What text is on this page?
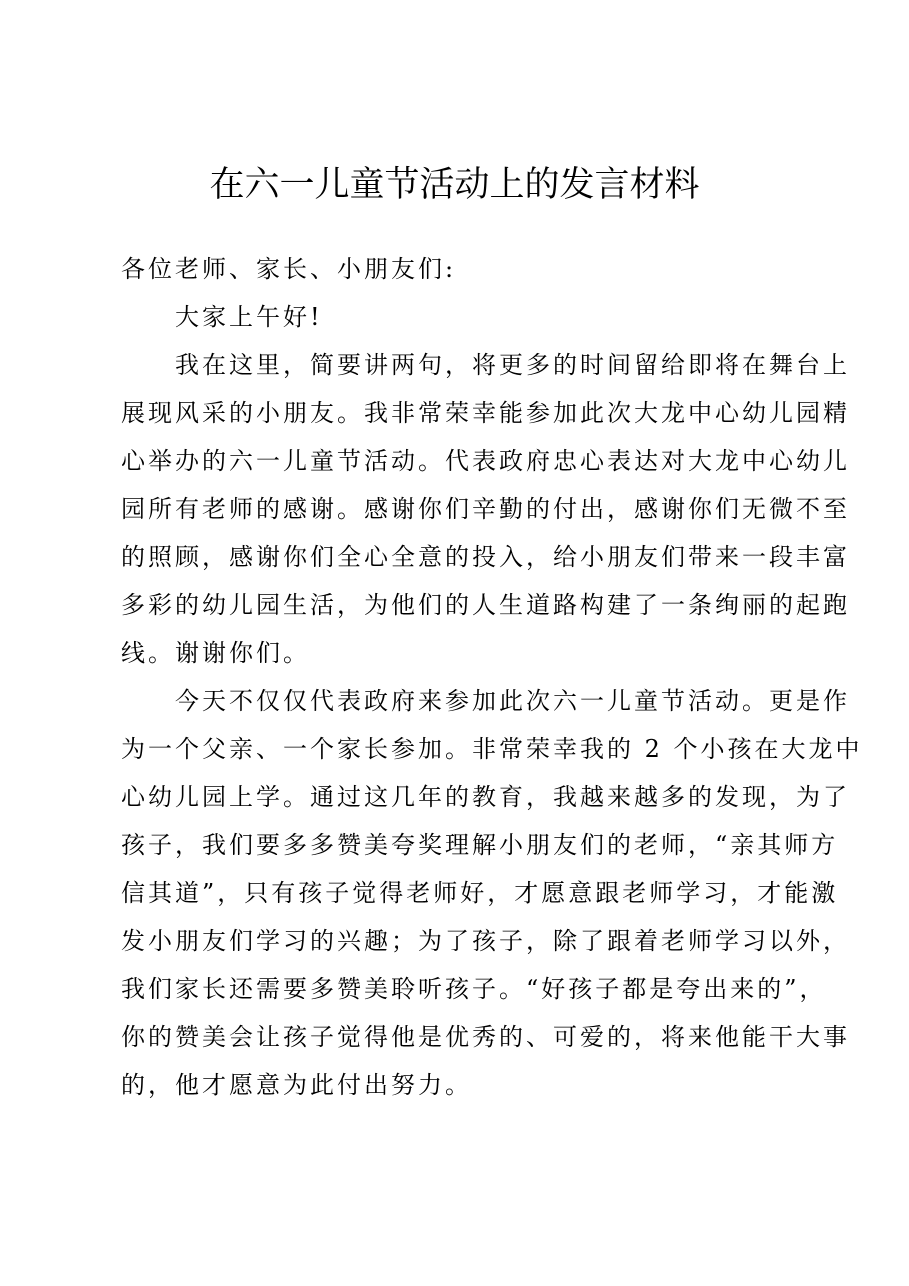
在六一儿童节活动上的发言材料
各位老师、家长、小朋友们:
大家上午好!
我在这里，简要讲两句，将更多的时间留给即将在舞台上
展现风采的小朋友。我非常荣幸能参加此次大龙中心幼儿园精
心举办的六一儿童节活动。代表政府忠心表达对大龙中心幼儿
园所有老师的感谢。感谢你们辛勤的付出，感谢你们无微不至
的照顾，感谢你们全心全意的投入，给小朋友们带来一段丰富
多彩的幼儿园生活，为他们的人生道路构建了一条绚丽的起跑
线。谢谢你们。
今天不仅仅代表政府来参加此次六一儿童节活动。更是作
为一个父亲、一个家长参加。非常荣幸我的 2 个小孩在大龙中
心幼儿园上学。通过这几年的教育，我越来越多的发现，为了
孩子，我们要多多赞美夸奖理解小朋友们的老师，“亲其师方
信其道”，只有孩子觉得老师好，才愿意跟老师学习，才能激
发小朋友们学习的兴趣；为了孩子，除了跟着老师学习以外，
我们家长还需要多赞美聆听孩子。“好孩子都是夸出来的”，
你的赞美会让孩子觉得他是优秀的、可爱的，将来他能干大事
的，他才愿意为此付出努力。
